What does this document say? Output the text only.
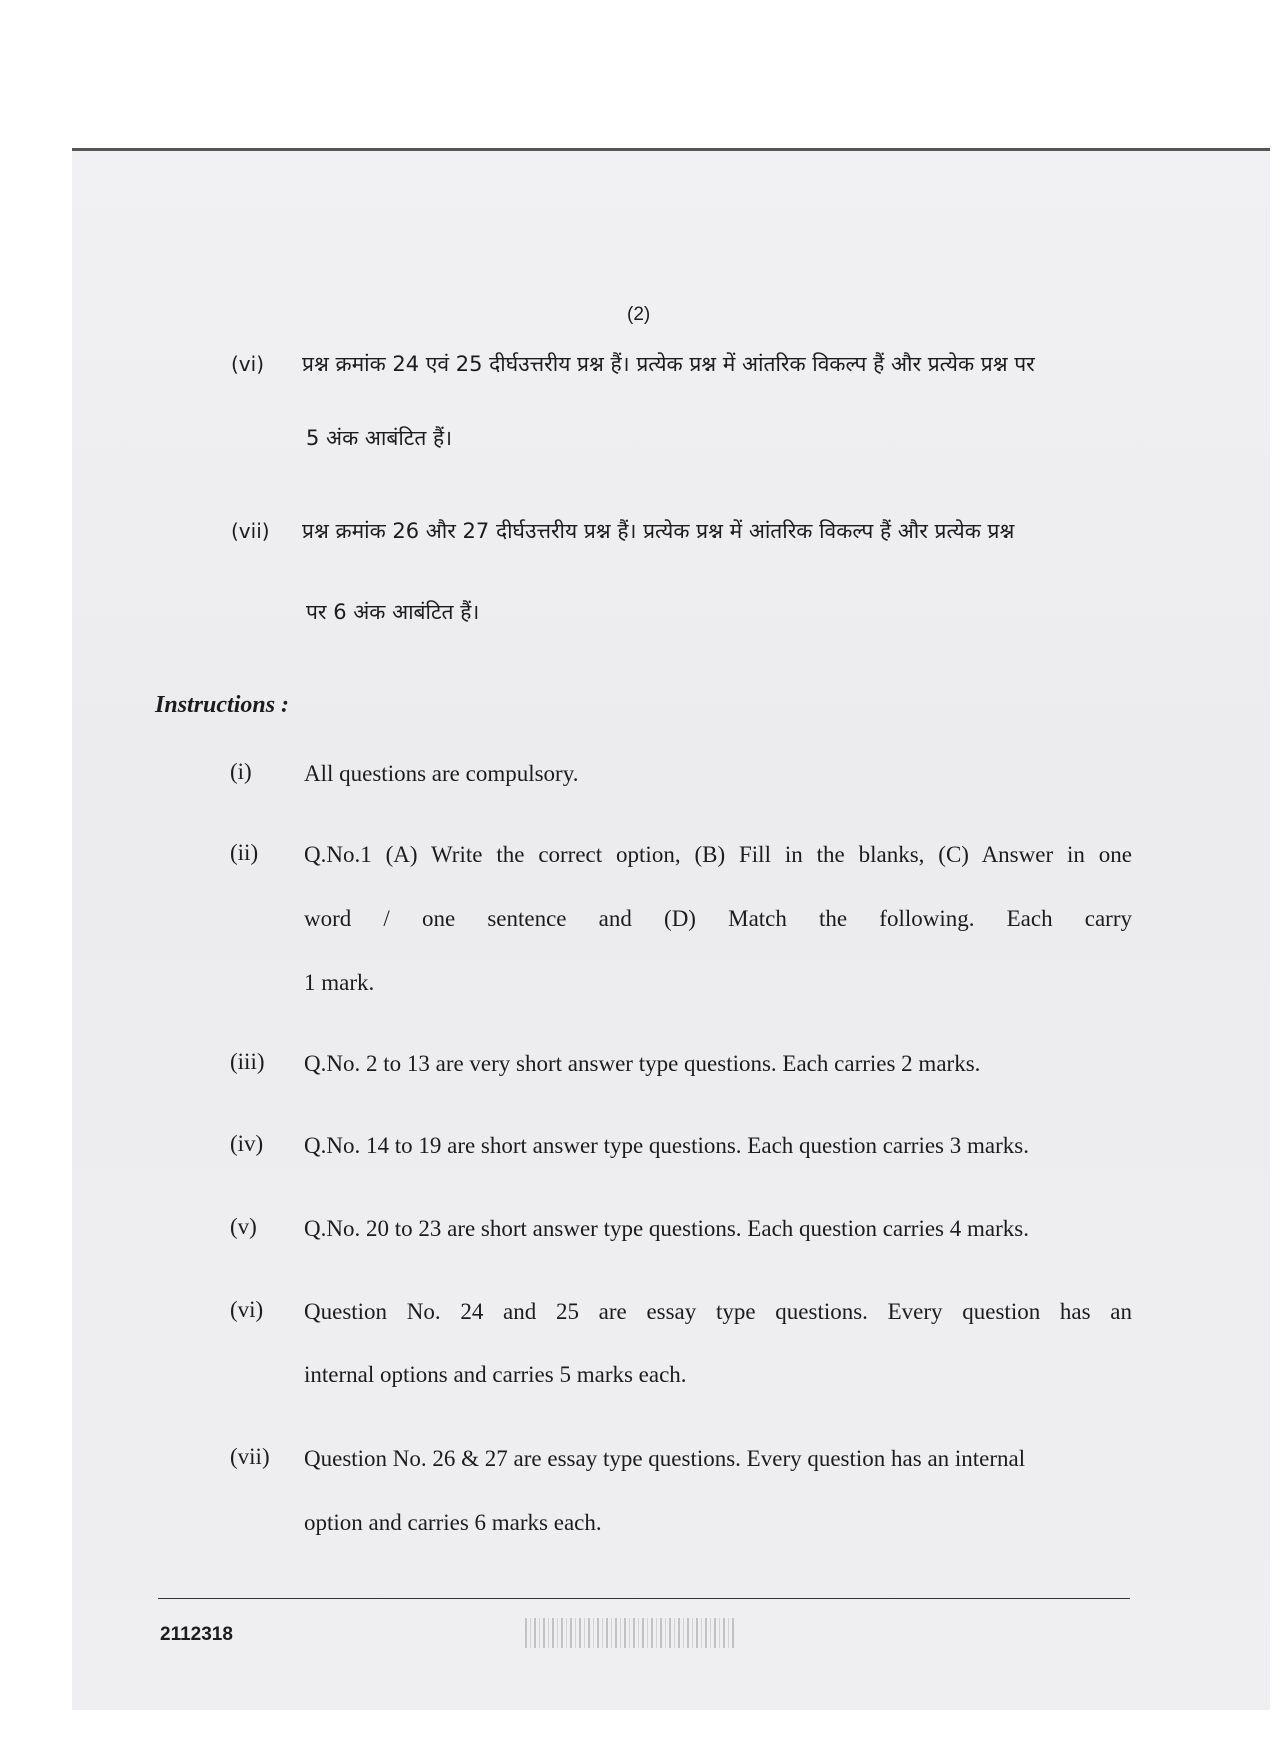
(2)
(vi) प्रश्न क्रमांक 24 एवं 25 दीर्घउत्तरीय प्रश्न हैं। प्रत्येक प्रश्न में आंतरिक विकल्प हैं और प्रत्येक प्रश्न पर
5 अंक आबंटित हैं।
(vii) प्रश्न क्रमांक 26 और 27 दीर्घउत्तरीय प्रश्न हैं। प्रत्येक प्रश्न में आंतरिक विकल्प हैं और प्रत्येक प्रश्न
पर 6 अंक आबंटित हैं।
Instructions :
(i)	All questions are compulsory.
(ii)	Q.No.1 (A) Write the correct option, (B) Fill in the blanks, (C) Answer in one
word / one sentence and (D) Match the following. Each carry
1 mark.
(iii)	Q.No. 2 to 13 are very short answer type questions. Each carries 2 marks.
(iv)	Q.No. 14 to 19 are short answer type questions. Each question carries 3 marks.
(v)	Q.No. 20 to 23 are short answer type questions. Each question carries 4 marks.
(vi)	Question No. 24 and 25 are essay type questions. Every question has an
internal options and carries 5 marks each.
(vii)	Question No. 26 & 27 are essay type questions. Every question has an internal
option and carries 6 marks each.
2112318
